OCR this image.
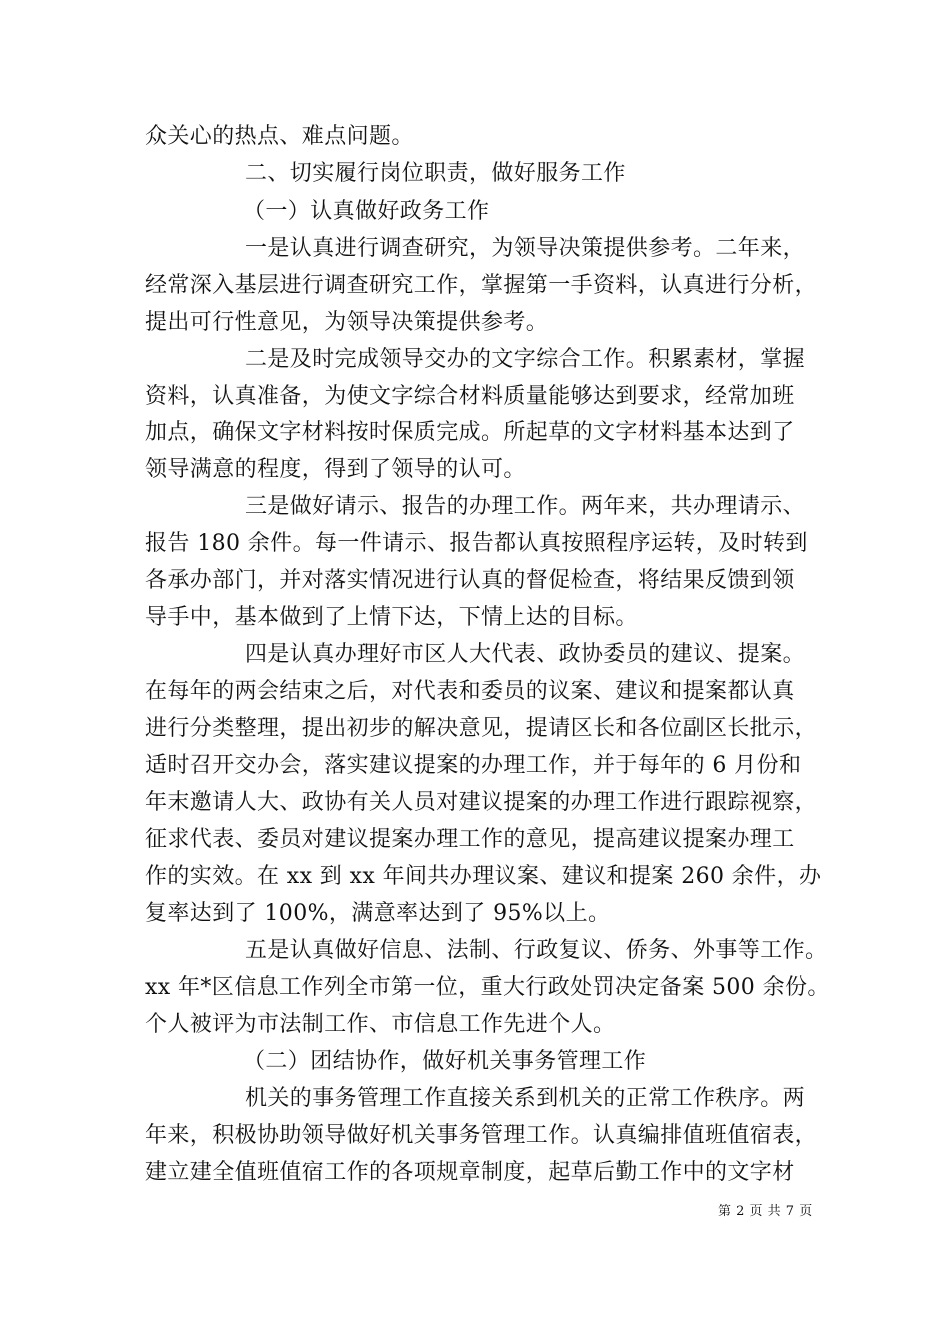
众关心的热点、难点问题。
二、切实履行岗位职责，做好服务工作
（一）认真做好政务工作
一是认真进行调查研究，为领导决策提供参考。二年来，
经常深入基层进行调查研究工作，掌握第一手资料，认真进行分析，
提出可行性意见，为领导决策提供参考。
二是及时完成领导交办的文字综合工作。积累素材，掌握
资料，认真准备，为使文字综合材料质量能够达到要求，经常加班
加点，确保文字材料按时保质完成。所起草的文字材料基本达到了
领导满意的程度，得到了领导的认可。
三是做好请示、报告的办理工作。两年来，共办理请示、
报告 180 余件。每一件请示、报告都认真按照程序运转，及时转到
各承办部门，并对落实情况进行认真的督促检查，将结果反馈到领
导手中，基本做到了上情下达，下情上达的目标。
四是认真办理好市区人大代表、政协委员的建议、提案。
在每年的两会结束之后，对代表和委员的议案、建议和提案都认真
进行分类整理，提出初步的解决意见，提请区长和各位副区长批示，
适时召开交办会，落实建议提案的办理工作，并于每年的 6 月份和
年末邀请人大、政协有关人员对建议提案的办理工作进行跟踪视察，
征求代表、委员对建议提案办理工作的意见，提高建议提案办理工
作的实效。在 xx 到 xx 年间共办理议案、建议和提案 260 余件，办
复率达到了 100%，满意率达到了 95%以上。
五是认真做好信息、法制、行政复议、侨务、外事等工作。
xx 年*区信息工作列全市第一位，重大行政处罚决定备案 500 余份。
个人被评为市法制工作、市信息工作先进个人。
（二）团结协作，做好机关事务管理工作
机关的事务管理工作直接关系到机关的正常工作秩序。两
年来，积极协助领导做好机关事务管理工作。认真编排值班值宿表，
建立建全值班值宿工作的各项规章制度，起草后勤工作中的文字材
第 2 页 共 7 页
